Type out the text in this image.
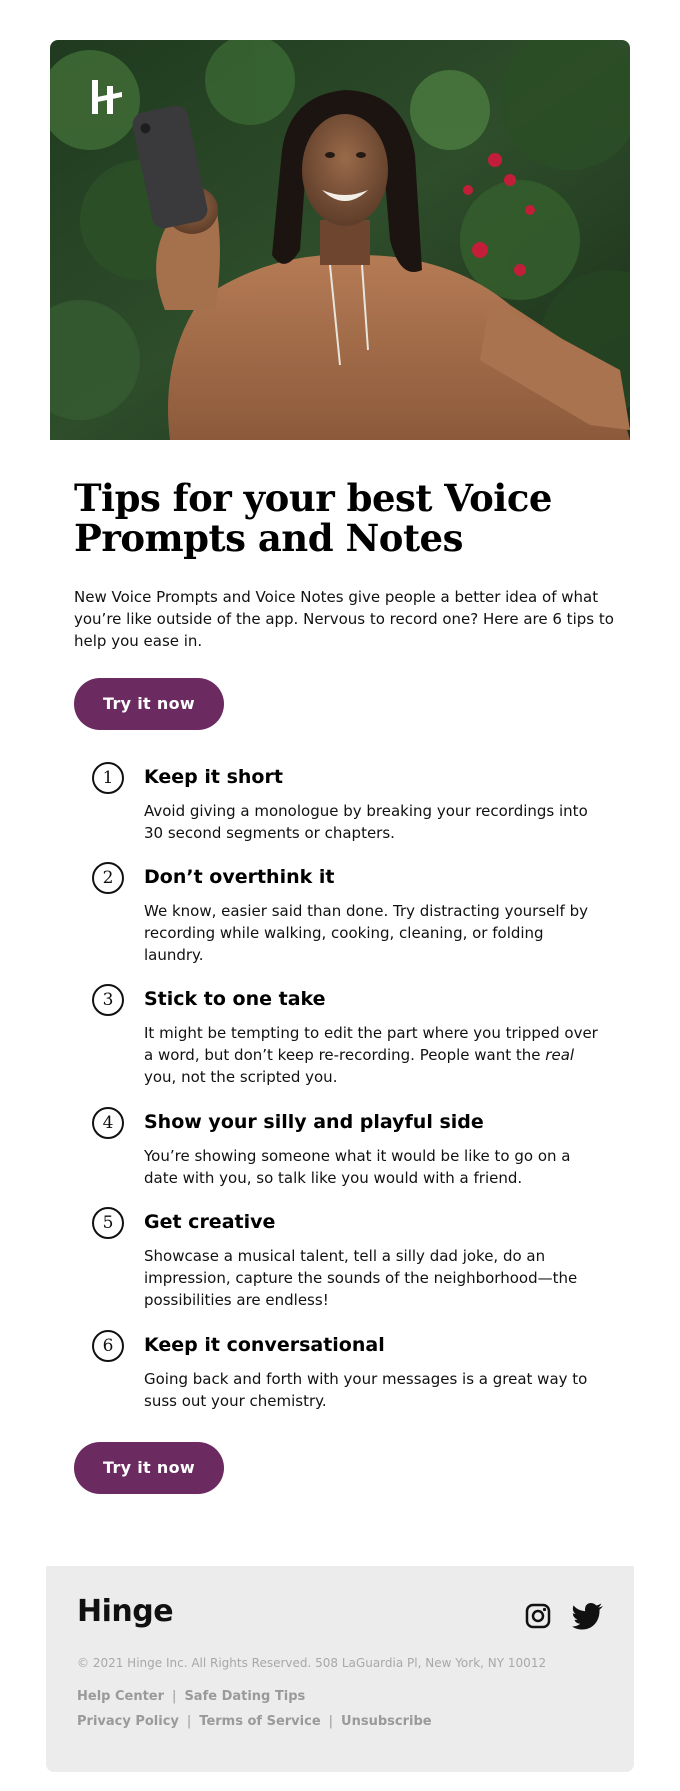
Tips for your best Voice Prompts and Notes

New Voice Prompts and Voice Notes give people a better idea of what you’re like outside of the app. Nervous to record one? Here are 6 tips to help you ease in.

Try it now
1	Keep it short

Avoid giving a monologue by breaking your recordings into 30 second segments or chapters.

2	Don’t overthink it

We know, easier said than done. Try distracting yourself by recording while walking, cooking, cleaning, or folding laundry.

3	Stick to one take

It might be tempting to edit the part where you tripped over a word, but don’t keep re-recording. People want the real you, not the scripted you.

4	Show your silly and playful side

You’re showing someone what it would be like to go on a date with you, so talk like you would with a friend.

5	Get creative

Showcase a musical talent, tell a silly dad joke, do an impression, capture the sounds of the neighborhood—the possibilities are endless!

6	Keep it conversational

Going back and forth with your messages is a great way to suss out your chemistry.

Try it now
Hinge
© 2021 Hinge Inc. All Rights Reserved. 508 LaGuardia Pl, New York, NY 10012
Help Center | Safe Dating Tips
Privacy Policy | Terms of Service | Unsubscribe
